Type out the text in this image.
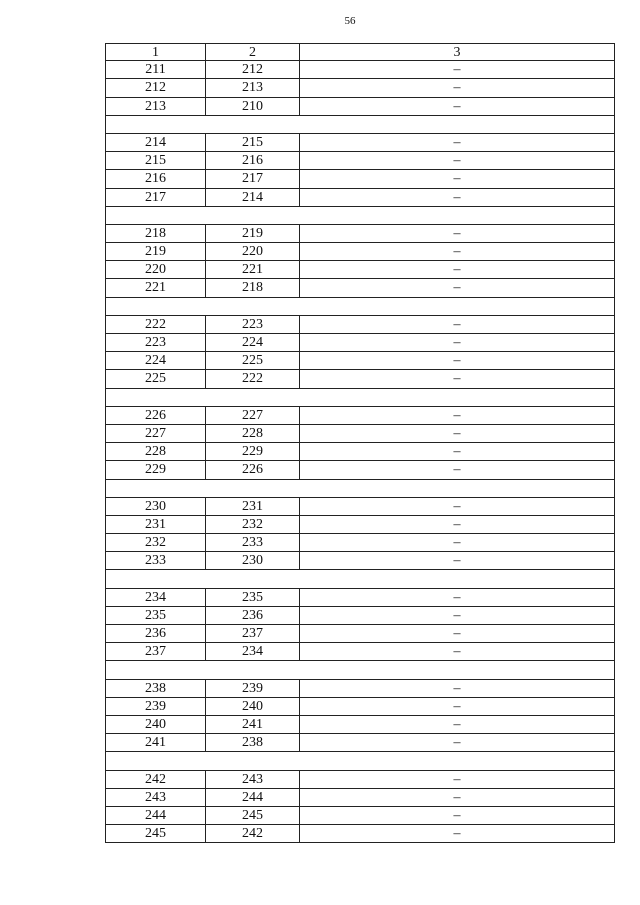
56
1	2	3
211	212	–
212	213	–
213	210	–
214	215	–
215	216	–
216	217	–
217	214	–
218	219	–
219	220	–
220	221	–
221	218	–
222	223	–
223	224	–
224	225	–
225	222	–
226	227	–
227	228	–
228	229	–
229	226	–
230	231	–
231	232	–
232	233	–
233	230	–
234	235	–
235	236	–
236	237	–
237	234	–
238	239	–
239	240	–
240	241	–
241	238	–
242	243	–
243	244	–
244	245	–
245	242	–
